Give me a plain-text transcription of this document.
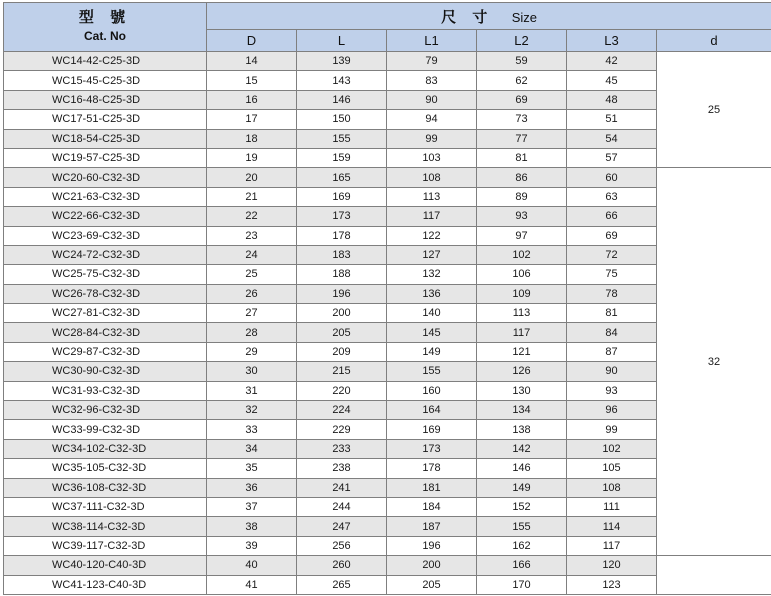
型 號
Cat. No	尺 寸 Size					
	D	L	L1	L2	L3	d
WC14-42-C25-3D	14	139	79	59	42	25
WC15-45-C25-3D	15	143	83	62	45	
WC16-48-C25-3D	16	146	90	69	48	
WC17-51-C25-3D	17	150	94	73	51	
WC18-54-C25-3D	18	155	99	77	54	
WC19-57-C25-3D	19	159	103	81	57	
WC20-60-C32-3D	20	165	108	86	60	32
WC21-63-C32-3D	21	169	113	89	63	
WC22-66-C32-3D	22	173	117	93	66	
WC23-69-C32-3D	23	178	122	97	69	
WC24-72-C32-3D	24	183	127	102	72	
WC25-75-C32-3D	25	188	132	106	75	
WC26-78-C32-3D	26	196	136	109	78	
WC27-81-C32-3D	27	200	140	113	81	
WC28-84-C32-3D	28	205	145	117	84	
WC29-87-C32-3D	29	209	149	121	87	
WC30-90-C32-3D	30	215	155	126	90	
WC31-93-C32-3D	31	220	160	130	93	
WC32-96-C32-3D	32	224	164	134	96	
WC33-99-C32-3D	33	229	169	138	99	
WC34-102-C32-3D	34	233	173	142	102	
WC35-105-C32-3D	35	238	178	146	105	
WC36-108-C32-3D	36	241	181	149	108	
WC37-111-C32-3D	37	244	184	152	111	
WC38-114-C32-3D	38	247	187	155	114	
WC39-117-C32-3D	39	256	196	162	117	
WC40-120-C40-3D	40	260	200	166	120	
WC41-123-C40-3D	41	265	205	170	123	
